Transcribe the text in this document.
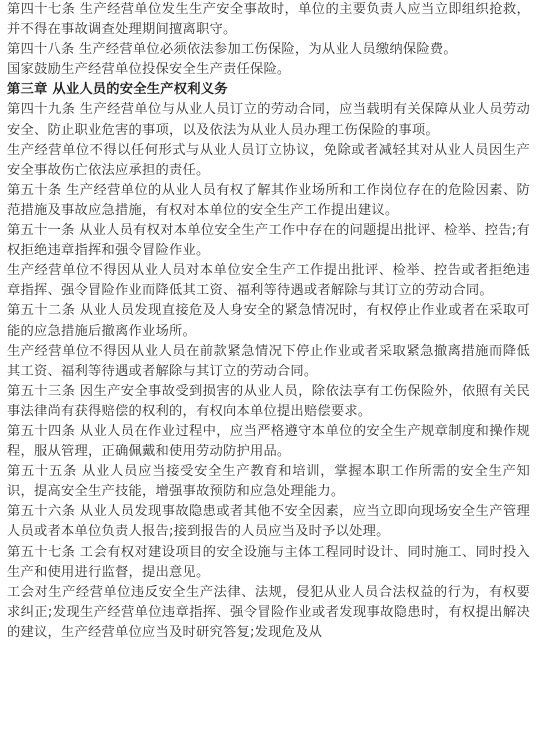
第四十七条 生产经营单位发生生产安全事故时，单位的主要负责人应当立即组织抢救，并不得在事故调查处理期间擅离职守。

第四十八条 生产经营单位必须依法参加工伤保险，为从业人员缴纳保险费。

国家鼓励生产经营单位投保安全生产责任保险。

第三章 从业人员的安全生产权利义务

第四十九条 生产经营单位与从业人员订立的劳动合同，应当载明有关保障从业人员劳动安全、防止职业危害的事项，以及依法为从业人员办理工伤保险的事项。

生产经营单位不得以任何形式与从业人员订立协议，免除或者减轻其对从业人员因生产安全事故伤亡依法应承担的责任。

第五十条 生产经营单位的从业人员有权了解其作业场所和工作岗位存在的危险因素、防范措施及事故应急措施，有权对本单位的安全生产工作提出建议。

第五十一条 从业人员有权对本单位安全生产工作中存在的问题提出批评、检举、控告;有权拒绝违章指挥和强令冒险作业。

生产经营单位不得因从业人员对本单位安全生产工作提出批评、检举、控告或者拒绝违章指挥、强令冒险作业而降低其工资、福利等待遇或者解除与其订立的劳动合同。

第五十二条 从业人员发现直接危及人身安全的紧急情况时，有权停止作业或者在采取可能的应急措施后撤离作业场所。

生产经营单位不得因从业人员在前款紧急情况下停止作业或者采取紧急撤离措施而降低其工资、福利等待遇或者解除与其订立的劳动合同。

第五十三条 因生产安全事故受到损害的从业人员，除依法享有工伤保险外，依照有关民事法律尚有获得赔偿的权利的，有权向本单位提出赔偿要求。

第五十四条 从业人员在作业过程中，应当严格遵守本单位的安全生产规章制度和操作规程，服从管理，正确佩戴和使用劳动防护用品。

第五十五条 从业人员应当接受安全生产教育和培训，掌握本职工作所需的安全生产知识，提高安全生产技能，增强事故预防和应急处理能力。

第五十六条 从业人员发现事故隐患或者其他不安全因素，应当立即向现场安全生产管理人员或者本单位负责人报告;接到报告的人员应当及时予以处理。

第五十七条 工会有权对建设项目的安全设施与主体工程同时设计、同时施工、同时投入生产和使用进行监督，提出意见。

工会对生产经营单位违反安全生产法律、法规，侵犯从业人员合法权益的行为，有权要求纠正;发现生产经营单位违章指挥、强令冒险作业或者发现事故隐患时，有权提出解决的建议，生产经营单位应当及时研究答复;发现危及从
